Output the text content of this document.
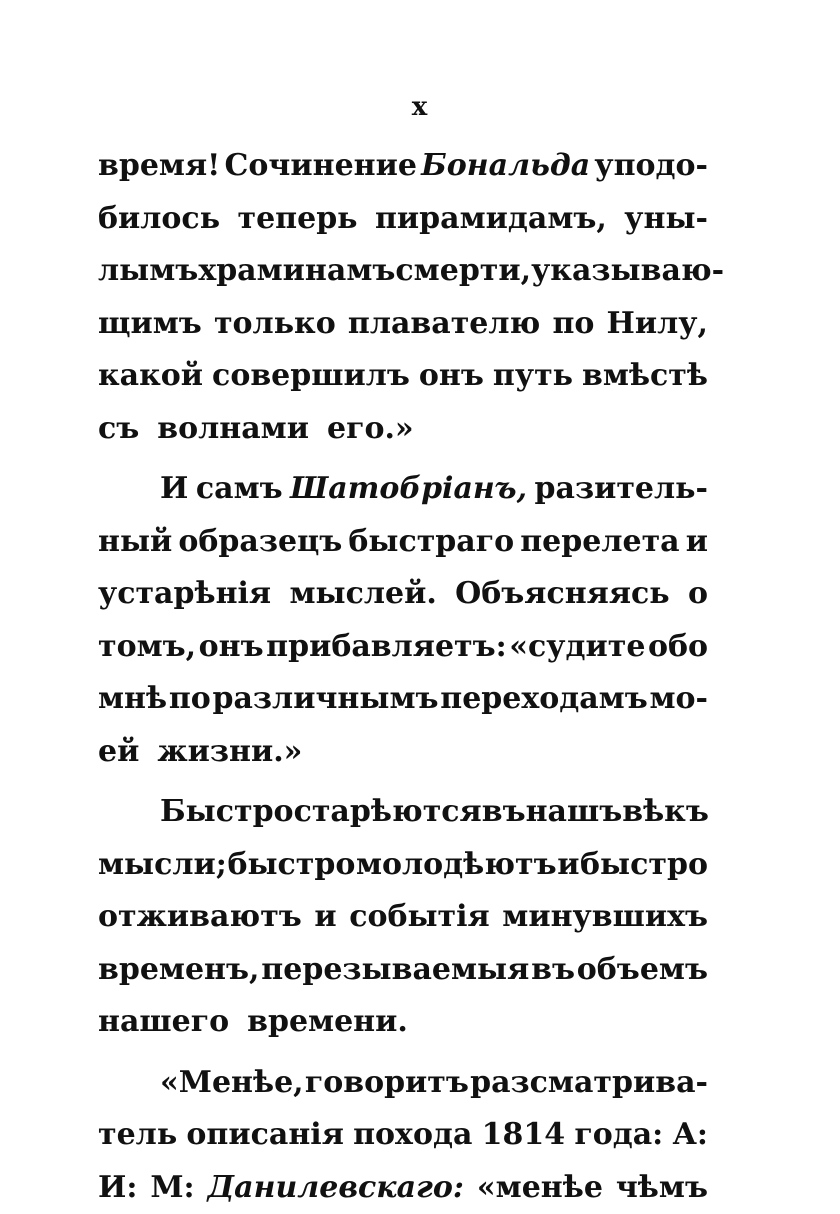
x
время! Сочинение Бональда уподо-
билось теперь пирамидамъ, уны-
лымъ храминамъ смерти, указываю-
щимъ только плавателю по Нилу,
какой совершилъ онъ путь вмѣстѣ
съ волнами его.»
И самъ Шатобріанъ, разитель-
ный образецъ быстраго перелета и
устарѣнія мыслей. Объясняясь о
томъ, онъ прибавляетъ: «судите обо
мнѣ по различнымъ переходамъ мо-
ей жизни.»
Быстро старѣются въ нашъ вѣкъ
мысли; быстро молодѣютъ и быстро
отживаютъ и событія минувшихъ
временъ, перезываемыя въ объемъ
нашего времени.
«Менѣе, говоритъ разсматрива-
тель описанія похода 1814 года: А:
И: М: Данилевскаго: «менѣе чѣмъ
